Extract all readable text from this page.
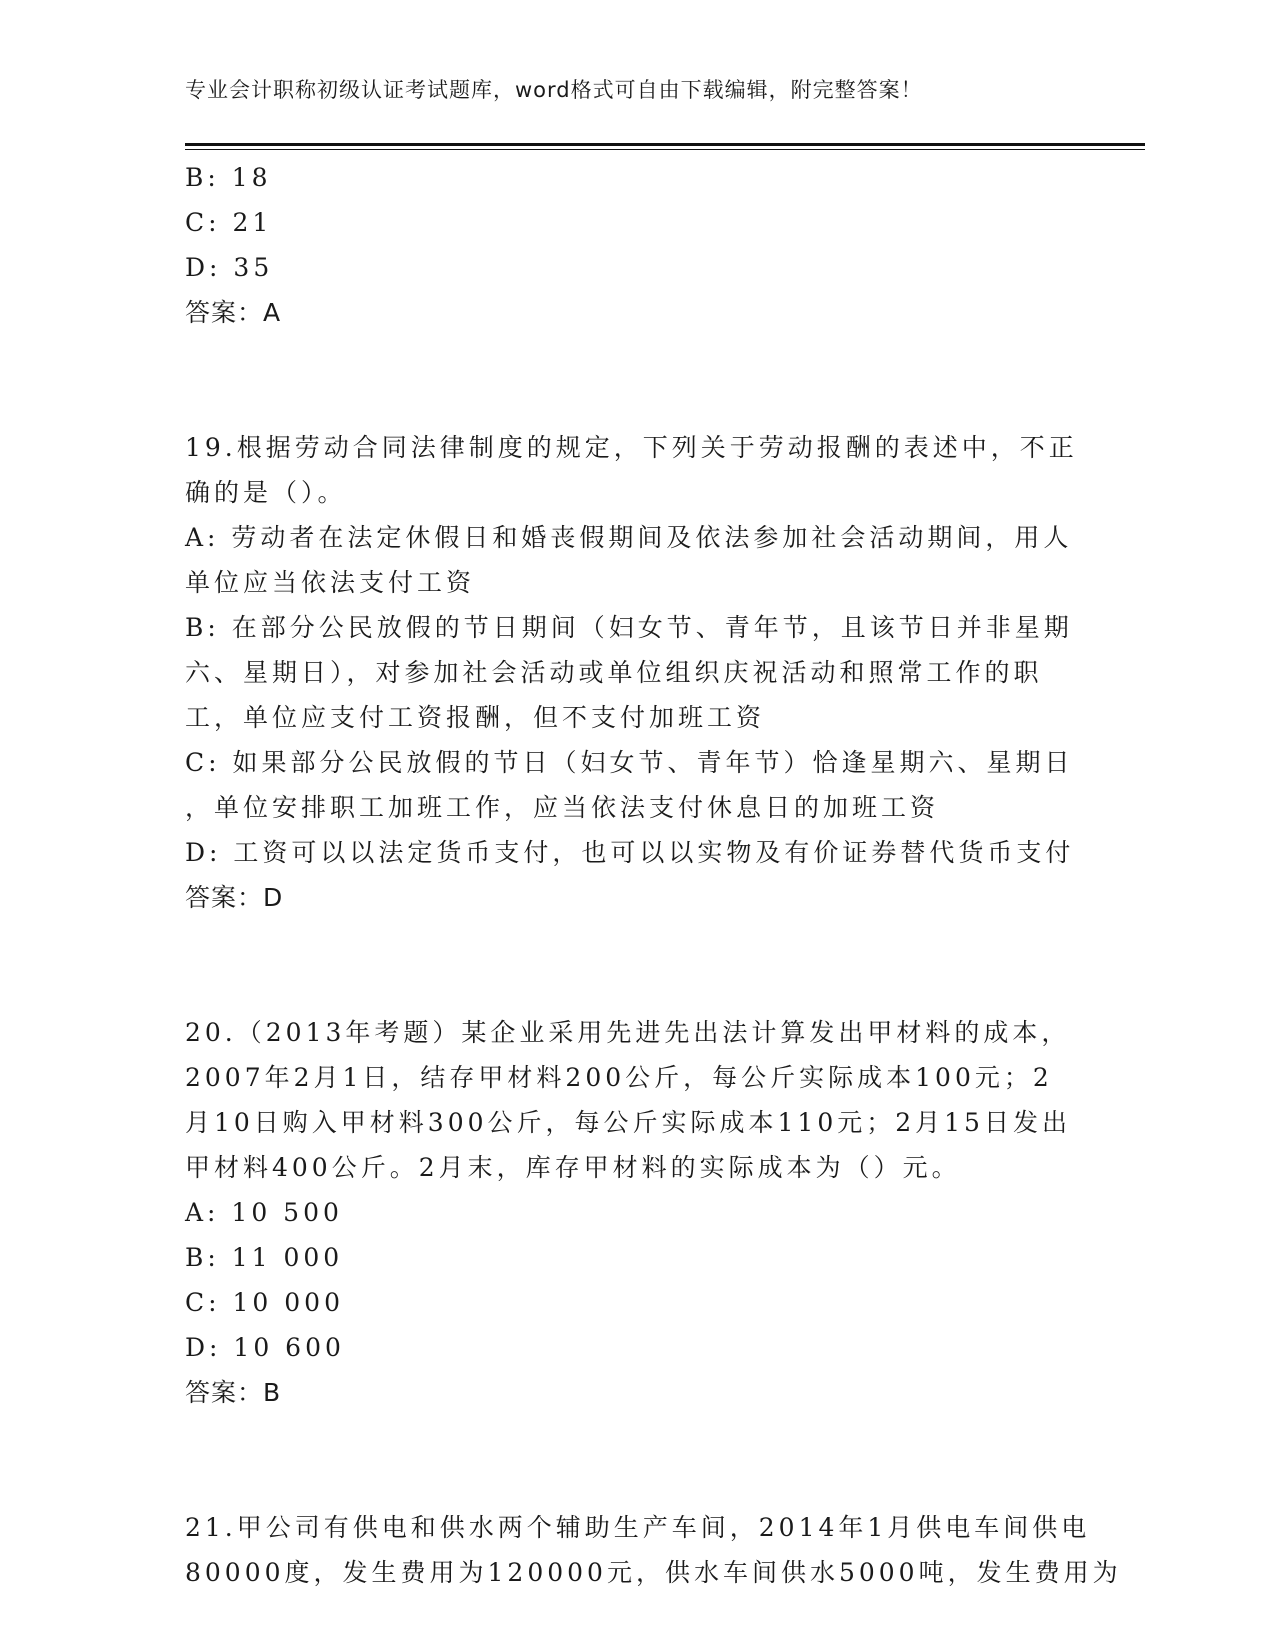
专业会计职称初级认证考试题库，word格式可自由下载编辑，附完整答案！
B: 18
C: 21
D: 35
答案：A
19.根据劳动合同法律制度的规定，下列关于劳动报酬的表述中，不正
确的是（）。
A: 劳动者在法定休假日和婚丧假期间及依法参加社会活动期间，用人
单位应当依法支付工资
B: 在部分公民放假的节日期间（妇女节、青年节，且该节日并非星期
六、星期日），对参加社会活动或单位组织庆祝活动和照常工作的职
工，单位应支付工资报酬，但不支付加班工资
C: 如果部分公民放假的节日（妇女节、青年节）恰逢星期六、星期日
，单位安排职工加班工作，应当依法支付休息日的加班工资
D: 工资可以以法定货币支付，也可以以实物及有价证券替代货币支付
答案：D
20.（2013年考题）某企业采用先进先出法计算发出甲材料的成本，
2007年2月1日，结存甲材料200公斤，每公斤实际成本100元；2
月10日购入甲材料300公斤，每公斤实际成本110元；2月15日发出
甲材料400公斤。2月末，库存甲材料的实际成本为（）元。
A: 10 500
B: 11 000
C: 10 000
D: 10 600
答案：B
21.甲公司有供电和供水两个辅助生产车间，2014年1月供电车间供电
80000度，发生费用为120000元，供水车间供水5000吨，发生费用为
